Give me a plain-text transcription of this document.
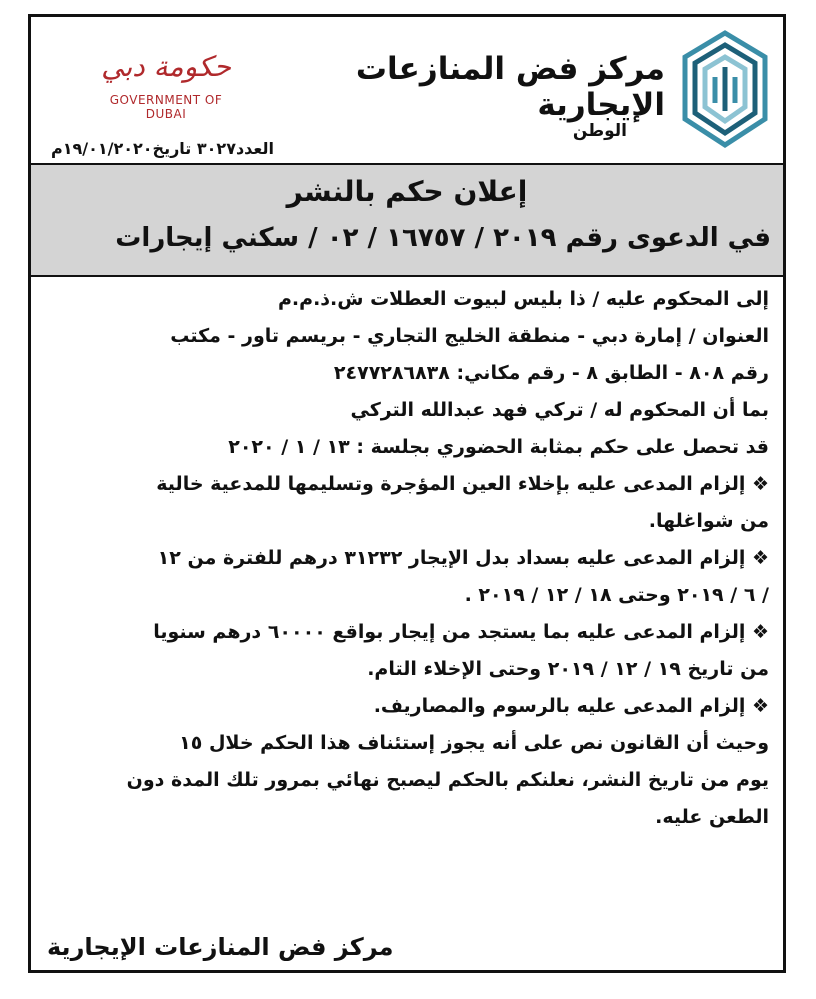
مركز فض المنازعات الإيجارية
الوطن
حكومة دبي
GOVERNMENT OF DUBAI
العدد٣٠٢٧ تاريخ١٩/٠١/٢٠٢٠م
إعلان حكم بالنشر
في الدعوى رقم ٢٠١٩ / ١٦٧٥٧ / ٠٢ / سكني إيجارات
إلى المحكوم عليه / ذا بليس لبيوت العطلات ش.ذ.م.م
العنوان / إمارة دبي - منطقة الخليج التجاري - بريسم تاور - مكتب
رقم ٨٠٨ - الطابق ٨ - رقم مكاني: ٢٤٧٧٢٨٦٨٣٨
بما أن المحكوم له / تركي فهد عبدالله التركي
قد تحصل على حكم بمثابة الحضوري بجلسة : ١٣ / ١ / ٢٠٢٠
❖ إلزام المدعى عليه بإخلاء العين المؤجرة وتسليمها للمدعية خالية
من شواغلها.
❖ إلزام المدعى عليه بسداد بدل الإيجار ٣١٢٣٢ درهم للفترة من ١٢
/ ٦ / ٢٠١٩ وحتى ١٨ / ١٢ / ٢٠١٩ .
❖ إلزام المدعى عليه بما يستجد من إيجار بواقع ٦٠٠٠٠ درهم سنويا
من تاريخ ١٩ / ١٢ / ٢٠١٩ وحتى الإخلاء التام.
❖ إلزام المدعى عليه بالرسوم والمصاريف.
وحيث أن القانون نص على أنه يجوز إستئناف هذا الحكم خلال ١٥
يوم من تاريخ النشر، نعلنكم بالحكم ليصبح نهائي بمرور تلك المدة دون
الطعن عليه.
مركز فض المنازعات الإيجارية
